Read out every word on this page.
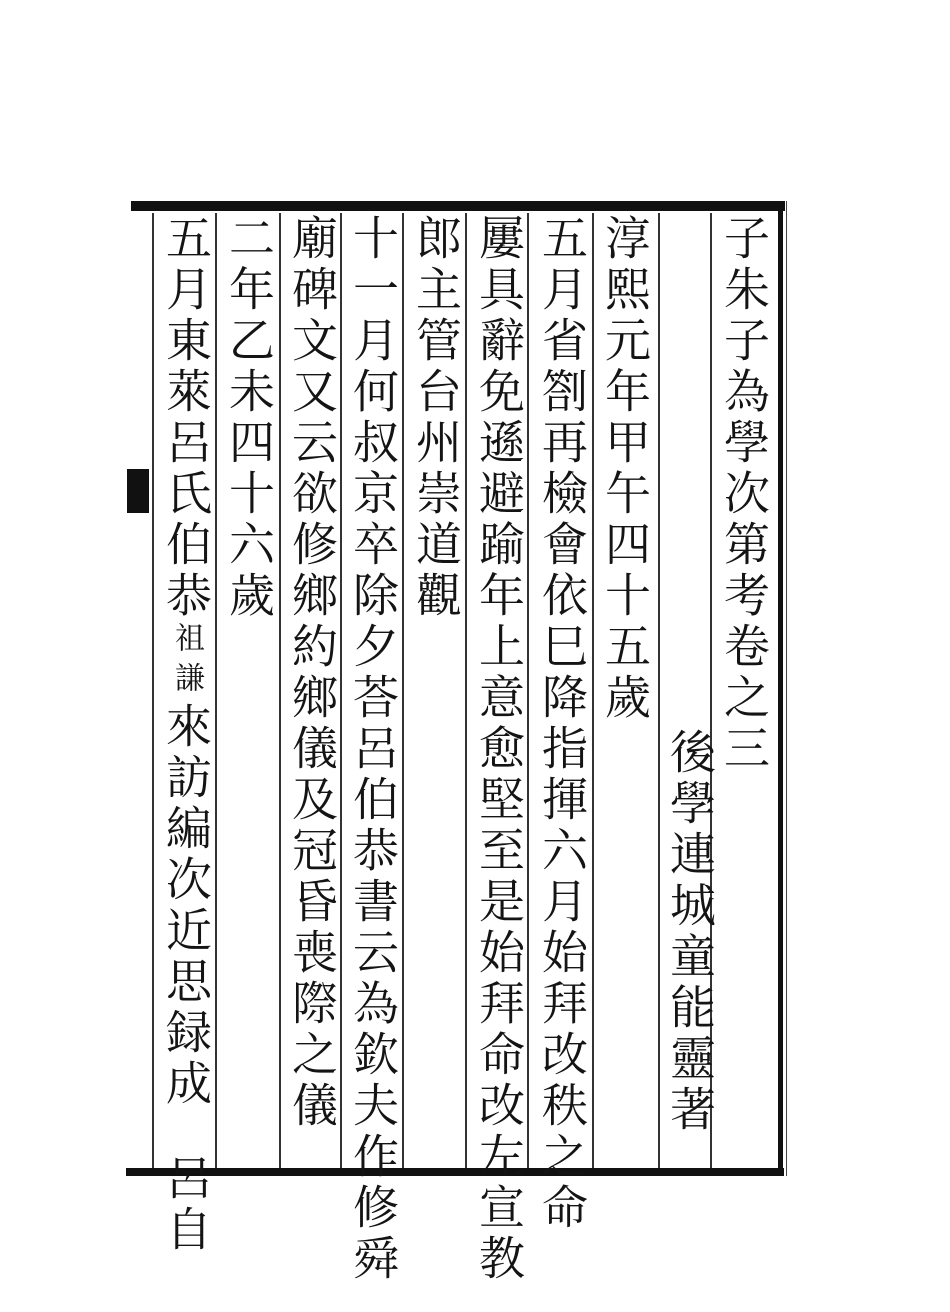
子朱子為學次第考卷之三
後學連城童能靈著
淳熙元年甲午四十五歲
五月省劄再檢會依巳降指揮六月始拜改秩之命
屢具辭免遜避踰年上意愈堅至是始拜命改左宣教
郎主管台州崇道觀
十一月何叔京卒除夕荅呂伯恭書云為欽夫作修舜
廟碑文又云欲修鄉約鄉儀及冠昏喪際之儀
二年乙未四十六歲
五月東萊呂氏伯恭祖謙來訪編次近思録成呂自
